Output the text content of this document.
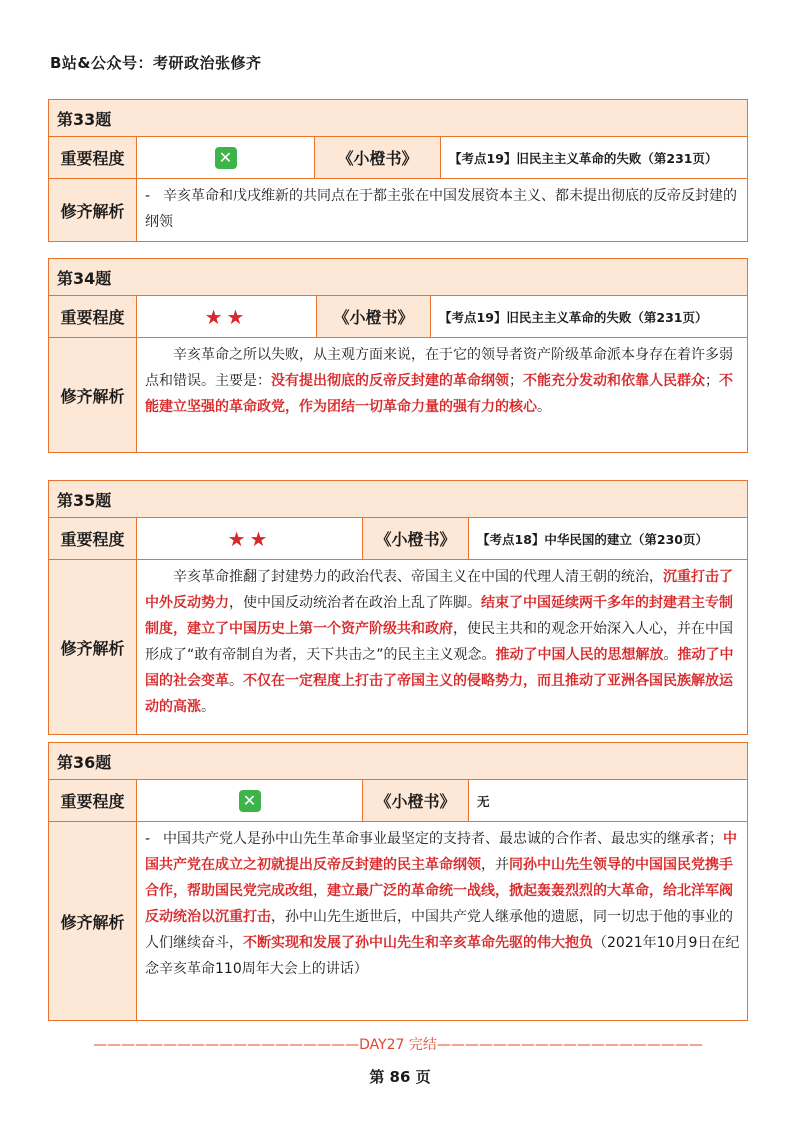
B站&公众号：考研政治张修齐
第33题
重要程度	✕	《小橙书》	【考点19】旧民主主义革命的失败（第231页）
修齐解析
- 辛亥革命和戊戌维新的共同点在于都主张在中国发展资本主义、都未提出彻底的反帝反封建的纲领
第34题
重要程度	★★	《小橙书》	【考点19】旧民主主义革命的失败（第231页）
修齐解析
辛亥革命之所以失败，从主观方面来说，在于它的领导者资产阶级革命派本身存在着许多弱点和错误。主要是：没有提出彻底的反帝反封建的革命纲领；不能充分发动和依靠人民群众；不能建立坚强的革命政党，作为团结一切革命力量的强有力的核心。
第35题
重要程度	★★	《小橙书》	【考点18】中华民国的建立（第230页）
修齐解析
辛亥革命推翻了封建势力的政治代表、帝国主义在中国的代理人清王朝的统治，沉重打击了中外反动势力，使中国反动统治者在政治上乱了阵脚。结束了中国延续两千多年的封建君主专制制度，建立了中国历史上第一个资产阶级共和政府，使民主共和的观念开始深入人心，并在中国形成了“敢有帝制自为者，天下共击之”的民主主义观念。推动了中国人民的思想解放。推动了中国的社会变革。不仅在一定程度上打击了帝国主义的侵略势力，而且推动了亚洲各国民族解放运动的高涨。
第36题
重要程度	✕	《小橙书》	无
修齐解析
- 中国共产党人是孙中山先生革命事业最坚定的支持者、最忠诚的合作者、最忠实的继承者；中国共产党在成立之初就提出反帝反封建的民主革命纲领，并同孙中山先生领导的中国国民党携手合作，帮助国民党完成改组，建立最广泛的革命统一战线，掀起轰轰烈烈的大革命，给北洋军阀反动统治以沉重打击，孙中山先生逝世后，中国共产党人继承他的遗愿，同一切忠于他的事业的人们继续奋斗，不断实现和发展了孙中山先生和辛亥革命先驱的伟大抱负（2021年10月9日在纪念辛亥革命110周年大会上的讲话）
———————————————————DAY27 完结———————————————————
第 86 页
